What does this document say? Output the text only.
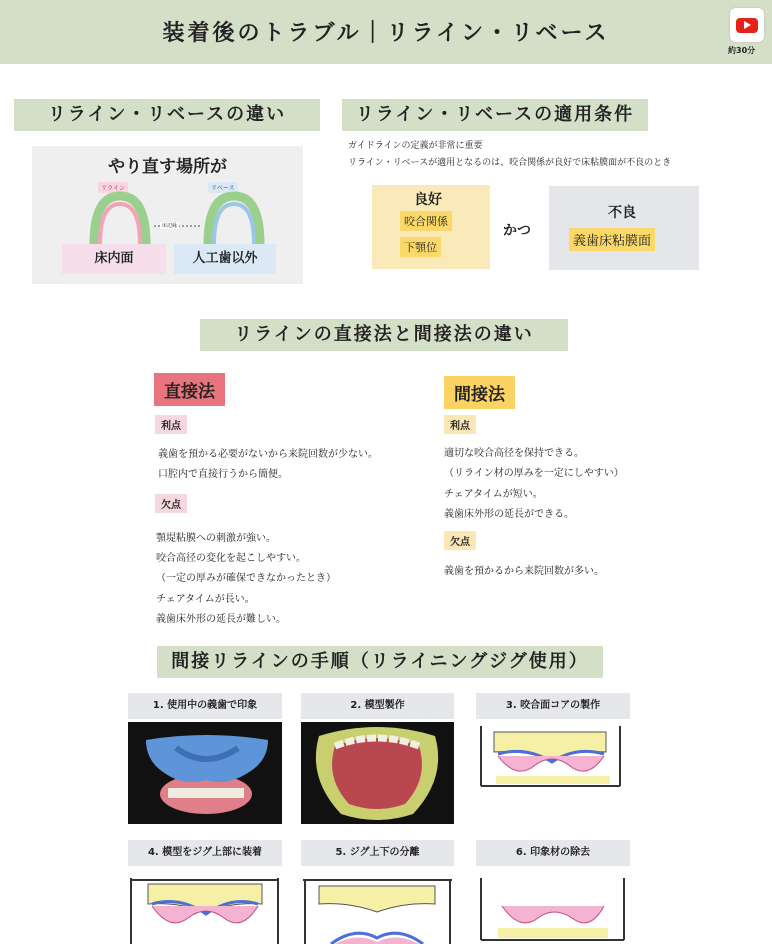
装着後のトラブル｜リライン・リベース
約30分
リライン・リベースの違い
やり直す場所が
リライン	リベース
床辺縁
床内面	人工歯以外
リライン・リベースの適用条件
ガイドラインの定義が非常に重要
リライン・リベースが適用となるのは、咬合関係が良好で床粘膜面が不良のとき
良好
咬合関係
下顎位
かつ
不良
義歯床粘膜面
リラインの直接法と間接法の違い
直接法
利点
義歯を預かる必要がないから来院回数が少ない。
口腔内で直接行うから簡便。
欠点
顎堤粘膜への刺激が強い。
咬合高径の変化を起こしやすい。
（一定の厚みが確保できなかったとき）
チェアタイムが長い。
義歯床外形の延長が難しい。
間接法
利点
適切な咬合高径を保持できる。
（リライン材の厚みを一定にしやすい）
チェアタイムが短い。
義歯床外形の延長ができる。
欠点
義歯を預かるから来院回数が多い。
間接リラインの手順（リライニングジグ使用）
1. 使用中の義歯で印象	2. 模型製作	3. 咬合面コアの製作
4. 模型をジグ上部に装着	5. ジグ上下の分離	6. 印象材の除去
